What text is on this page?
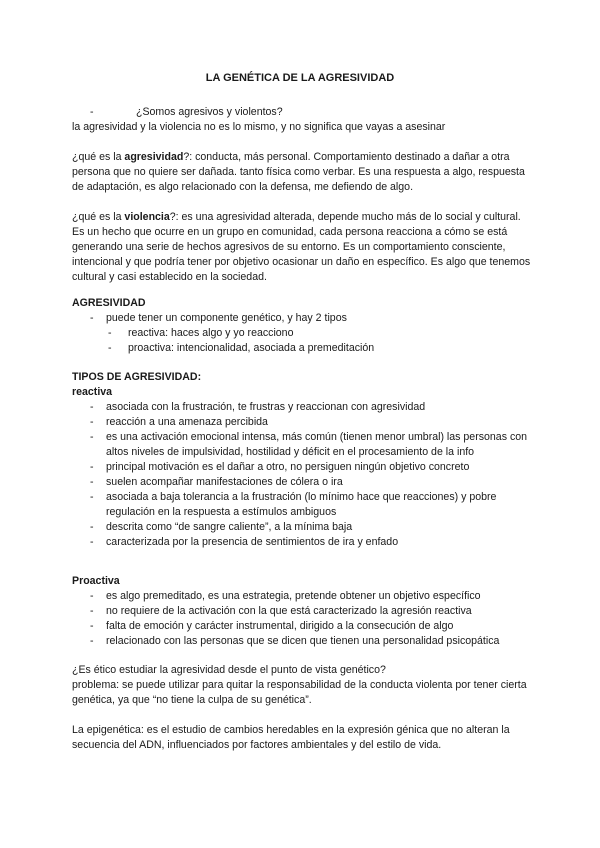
LA GENÉTICA DE LA AGRESIVIDAD
-	¿Somos agresivos y violentos?

la agresividad y la violencia no es lo mismo, y no significa que vayas a asesinar

¿qué es la agresividad?: conducta, más personal. Comportamiento destinado a dañar a otra persona que no quiere ser dañada. tanto física como verbar. Es una respuesta a algo, respuesta de adaptación, es algo relacionado con la defensa, me defiendo de algo.

¿qué es la violencia?: es una agresividad alterada, depende mucho más de lo social y cultural. Es un hecho que ocurre en un grupo en comunidad, cada persona reacciona a cómo se está generando una serie de hechos agresivos de su entorno. Es un comportamiento consciente, intencional y que podría tener por objetivo ocasionar un daño en específico. Es algo que tenemos cultural y casi establecido en la sociedad.

AGRESIVIDAD
- puede tener un componente genético, y hay 2 tipos
- reactiva: haces algo y yo reacciono
- proactiva: intencionalidad, asociada a premeditación
TIPOS DE AGRESIVIDAD:
reactiva
- asociada con la frustración, te frustras y reaccionan con agresividad
- reacción a una amenaza percibida
- es una activación emocional intensa, más común (tienen menor umbral) las personas con altos niveles de impulsividad, hostilidad y déficit en el procesamiento de la info
- principal motivación es el dañar a otro, no persiguen ningún objetivo concreto
- suelen acompañar manifestaciones de cólera o ira
- asociada a baja tolerancia a la frustración (lo mínimo hace que reacciones) y pobre regulación en la respuesta a estímulos ambiguos
- descrita como “de sangre caliente”, a la mínima baja
- caracterizada por la presencia de sentimientos de ira y enfado
Proactiva
- es algo premeditado, es una estrategia, pretende obtener un objetivo específico
- no requiere de la activación con la que está caracterizado la agresión reactiva
- falta de emoción y carácter instrumental, dirigido a la consecución de algo
- relacionado con las personas que se dicen que tienen una personalidad psicopática

¿Es ético estudiar la agresividad desde el punto de vista genético?

problema: se puede utilizar para quitar la responsabilidad de la conducta violenta por tener cierta genética, ya que “no tiene la culpa de su genética”.

La epigenética: es el estudio de cambios heredables en la expresión génica que no alteran la secuencia del ADN, influenciados por factores ambientales y del estilo de vida.
